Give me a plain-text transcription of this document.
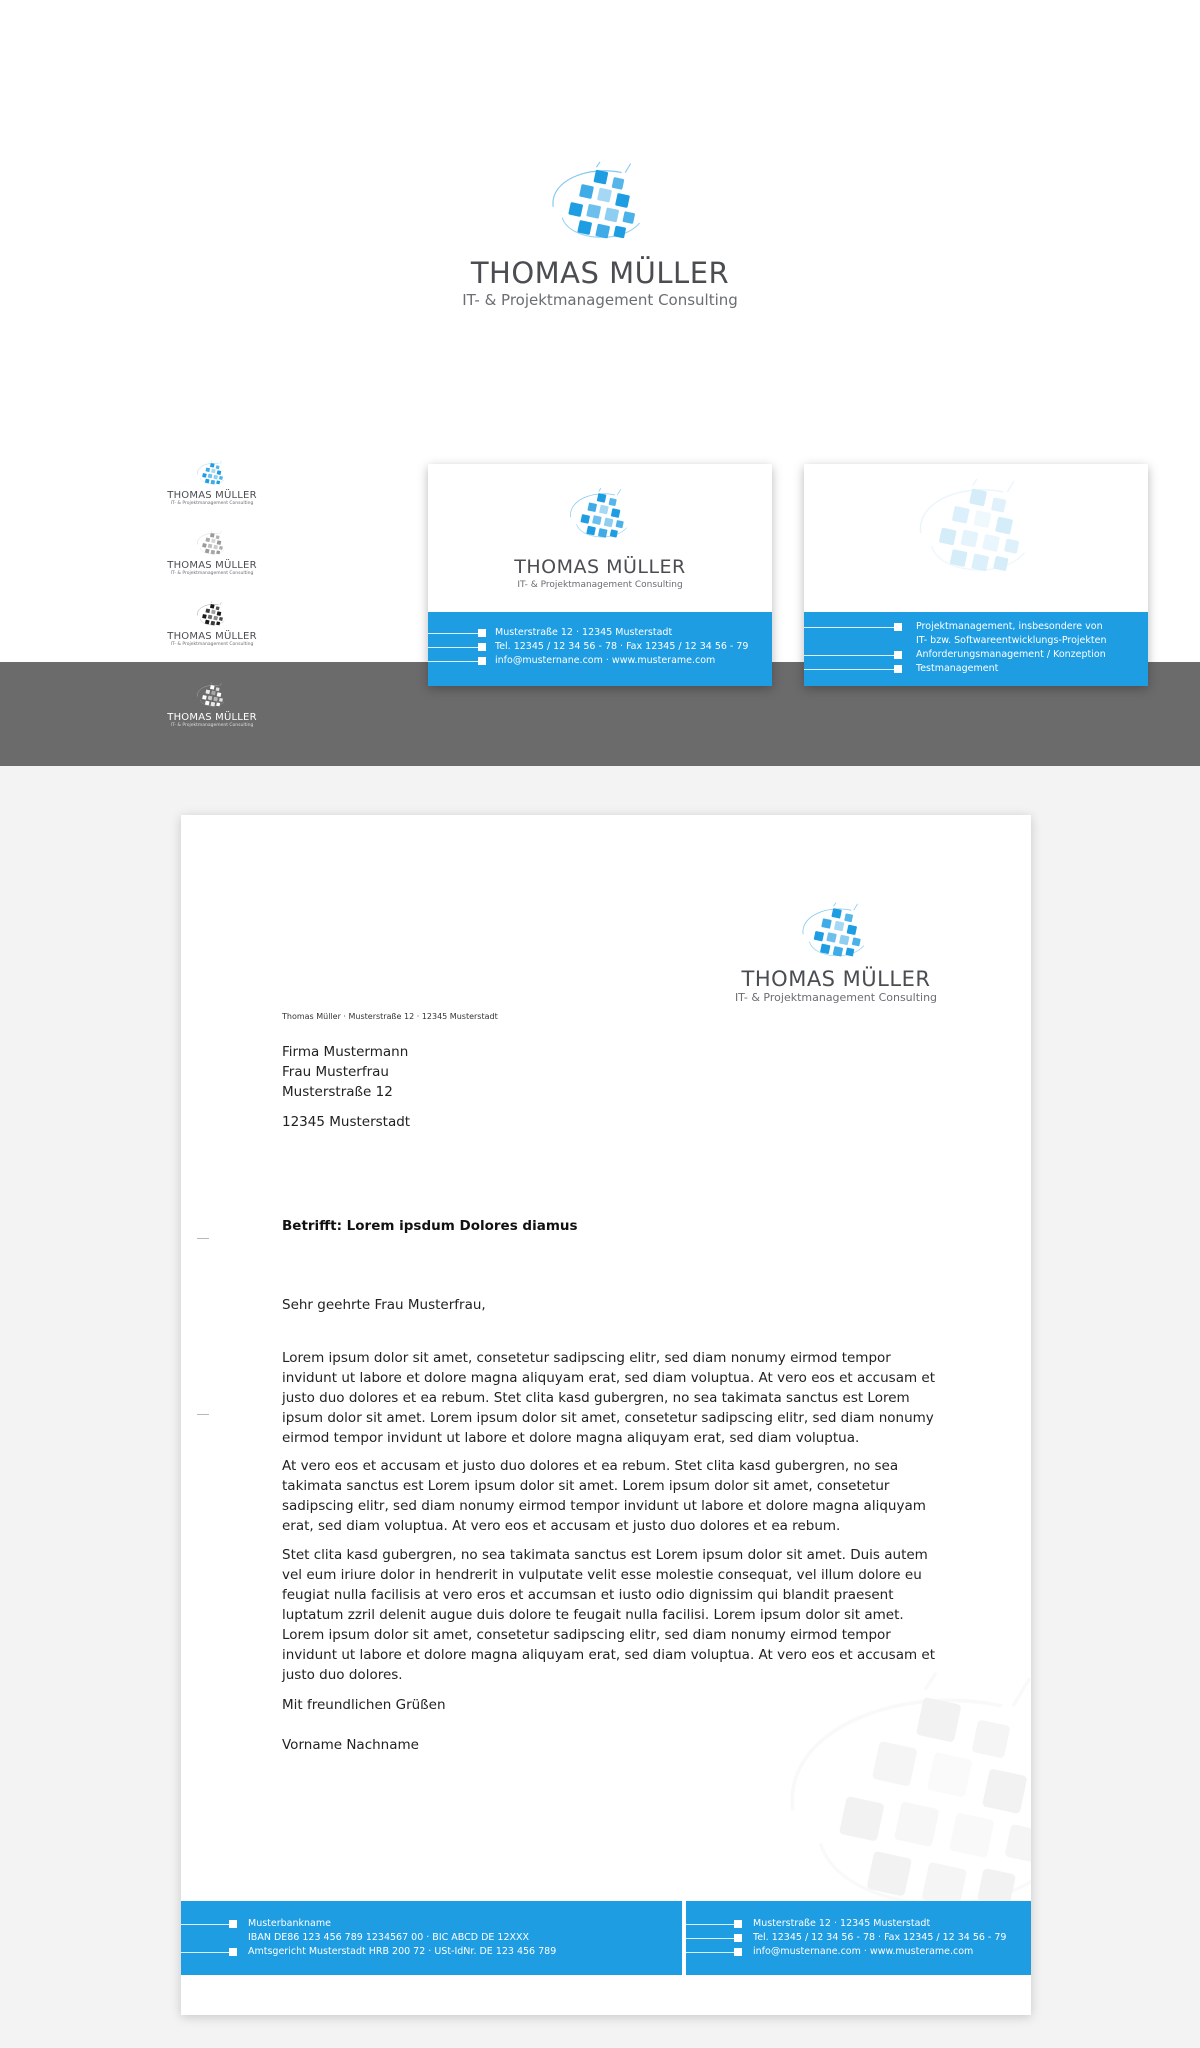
THOMAS MÜLLER
IT- & Projektmanagement Consulting
THOMAS MÜLLER
IT- & Projektmanagement Consulting
THOMAS MÜLLER
IT- & Projektmanagement Consulting
THOMAS MÜLLER
IT- & Projektmanagement Consulting
THOMAS MÜLLER
IT- & Projektmanagement Consulting
THOMAS MÜLLER
IT- & Projektmanagement Consulting
Musterstraße 12 · 12345 Musterstadt
Tel. 12345 / 12 34 56 - 78 · Fax 12345 / 12 34 56 - 79
info@musternane.com · www.musterame.com
Projektmanagement, insbesondere von
IT- bzw. Softwareentwicklungs-Projekten
Anforderungsmanagement / Konzeption
Testmanagement
THOMAS MÜLLER
IT- & Projektmanagement Consulting
Thomas Müller · Musterstraße 12 · 12345 Musterstadt
Firma Mustermann
Frau Musterfrau
Musterstraße 12
12345 Musterstadt
Betrifft: Lorem ipsdum Dolores diamus
Sehr geehrte Frau Musterfrau,
Lorem ipsum dolor sit amet, consetetur sadipscing elitr, sed diam nonumy eirmod tempor invidunt ut labore et dolore magna aliquyam erat, sed diam voluptua. At vero eos et accusam et justo duo dolores et ea rebum. Stet clita kasd gubergren, no sea takimata sanctus est Lorem ipsum dolor sit amet. Lorem ipsum dolor sit amet, consetetur sadipscing elitr, sed diam nonumy eirmod tempor invidunt ut labore et dolore magna aliquyam erat, sed diam voluptua.
At vero eos et accusam et justo duo dolores et ea rebum. Stet clita kasd gubergren, no sea takimata sanctus est Lorem ipsum dolor sit amet. Lorem ipsum dolor sit amet, consetetur sadipscing elitr, sed diam nonumy eirmod tempor invidunt ut labore et dolore magna aliquyam erat, sed diam voluptua. At vero eos et accusam et justo duo dolores et ea rebum.
Stet clita kasd gubergren, no sea takimata sanctus est Lorem ipsum dolor sit amet. Duis autem vel eum iriure dolor in hendrerit in vulputate velit esse molestie consequat, vel illum dolore eu feugiat nulla facilisis at vero eros et accumsan et iusto odio dignissim qui blandit praesent luptatum zzril delenit augue duis dolore te feugait nulla facilisi. Lorem ipsum dolor sit amet. Lorem ipsum dolor sit amet, consetetur sadipscing elitr, sed diam nonumy eirmod tempor invidunt ut labore et dolore magna aliquyam erat, sed diam voluptua. At vero eos et accusam et justo duo dolores.
Mit freundlichen Grüßen
Vorname Nachname
Musterbankname
IBAN DE86 123 456 789 1234567 00 · BIC ABCD DE 12XXX
Amtsgericht Musterstadt HRB 200 72 · USt-IdNr. DE 123 456 789
Musterstraße 12 · 12345 Musterstadt
Tel. 12345 / 12 34 56 - 78 · Fax 12345 / 12 34 56 - 79
info@musternane.com · www.musterame.com
